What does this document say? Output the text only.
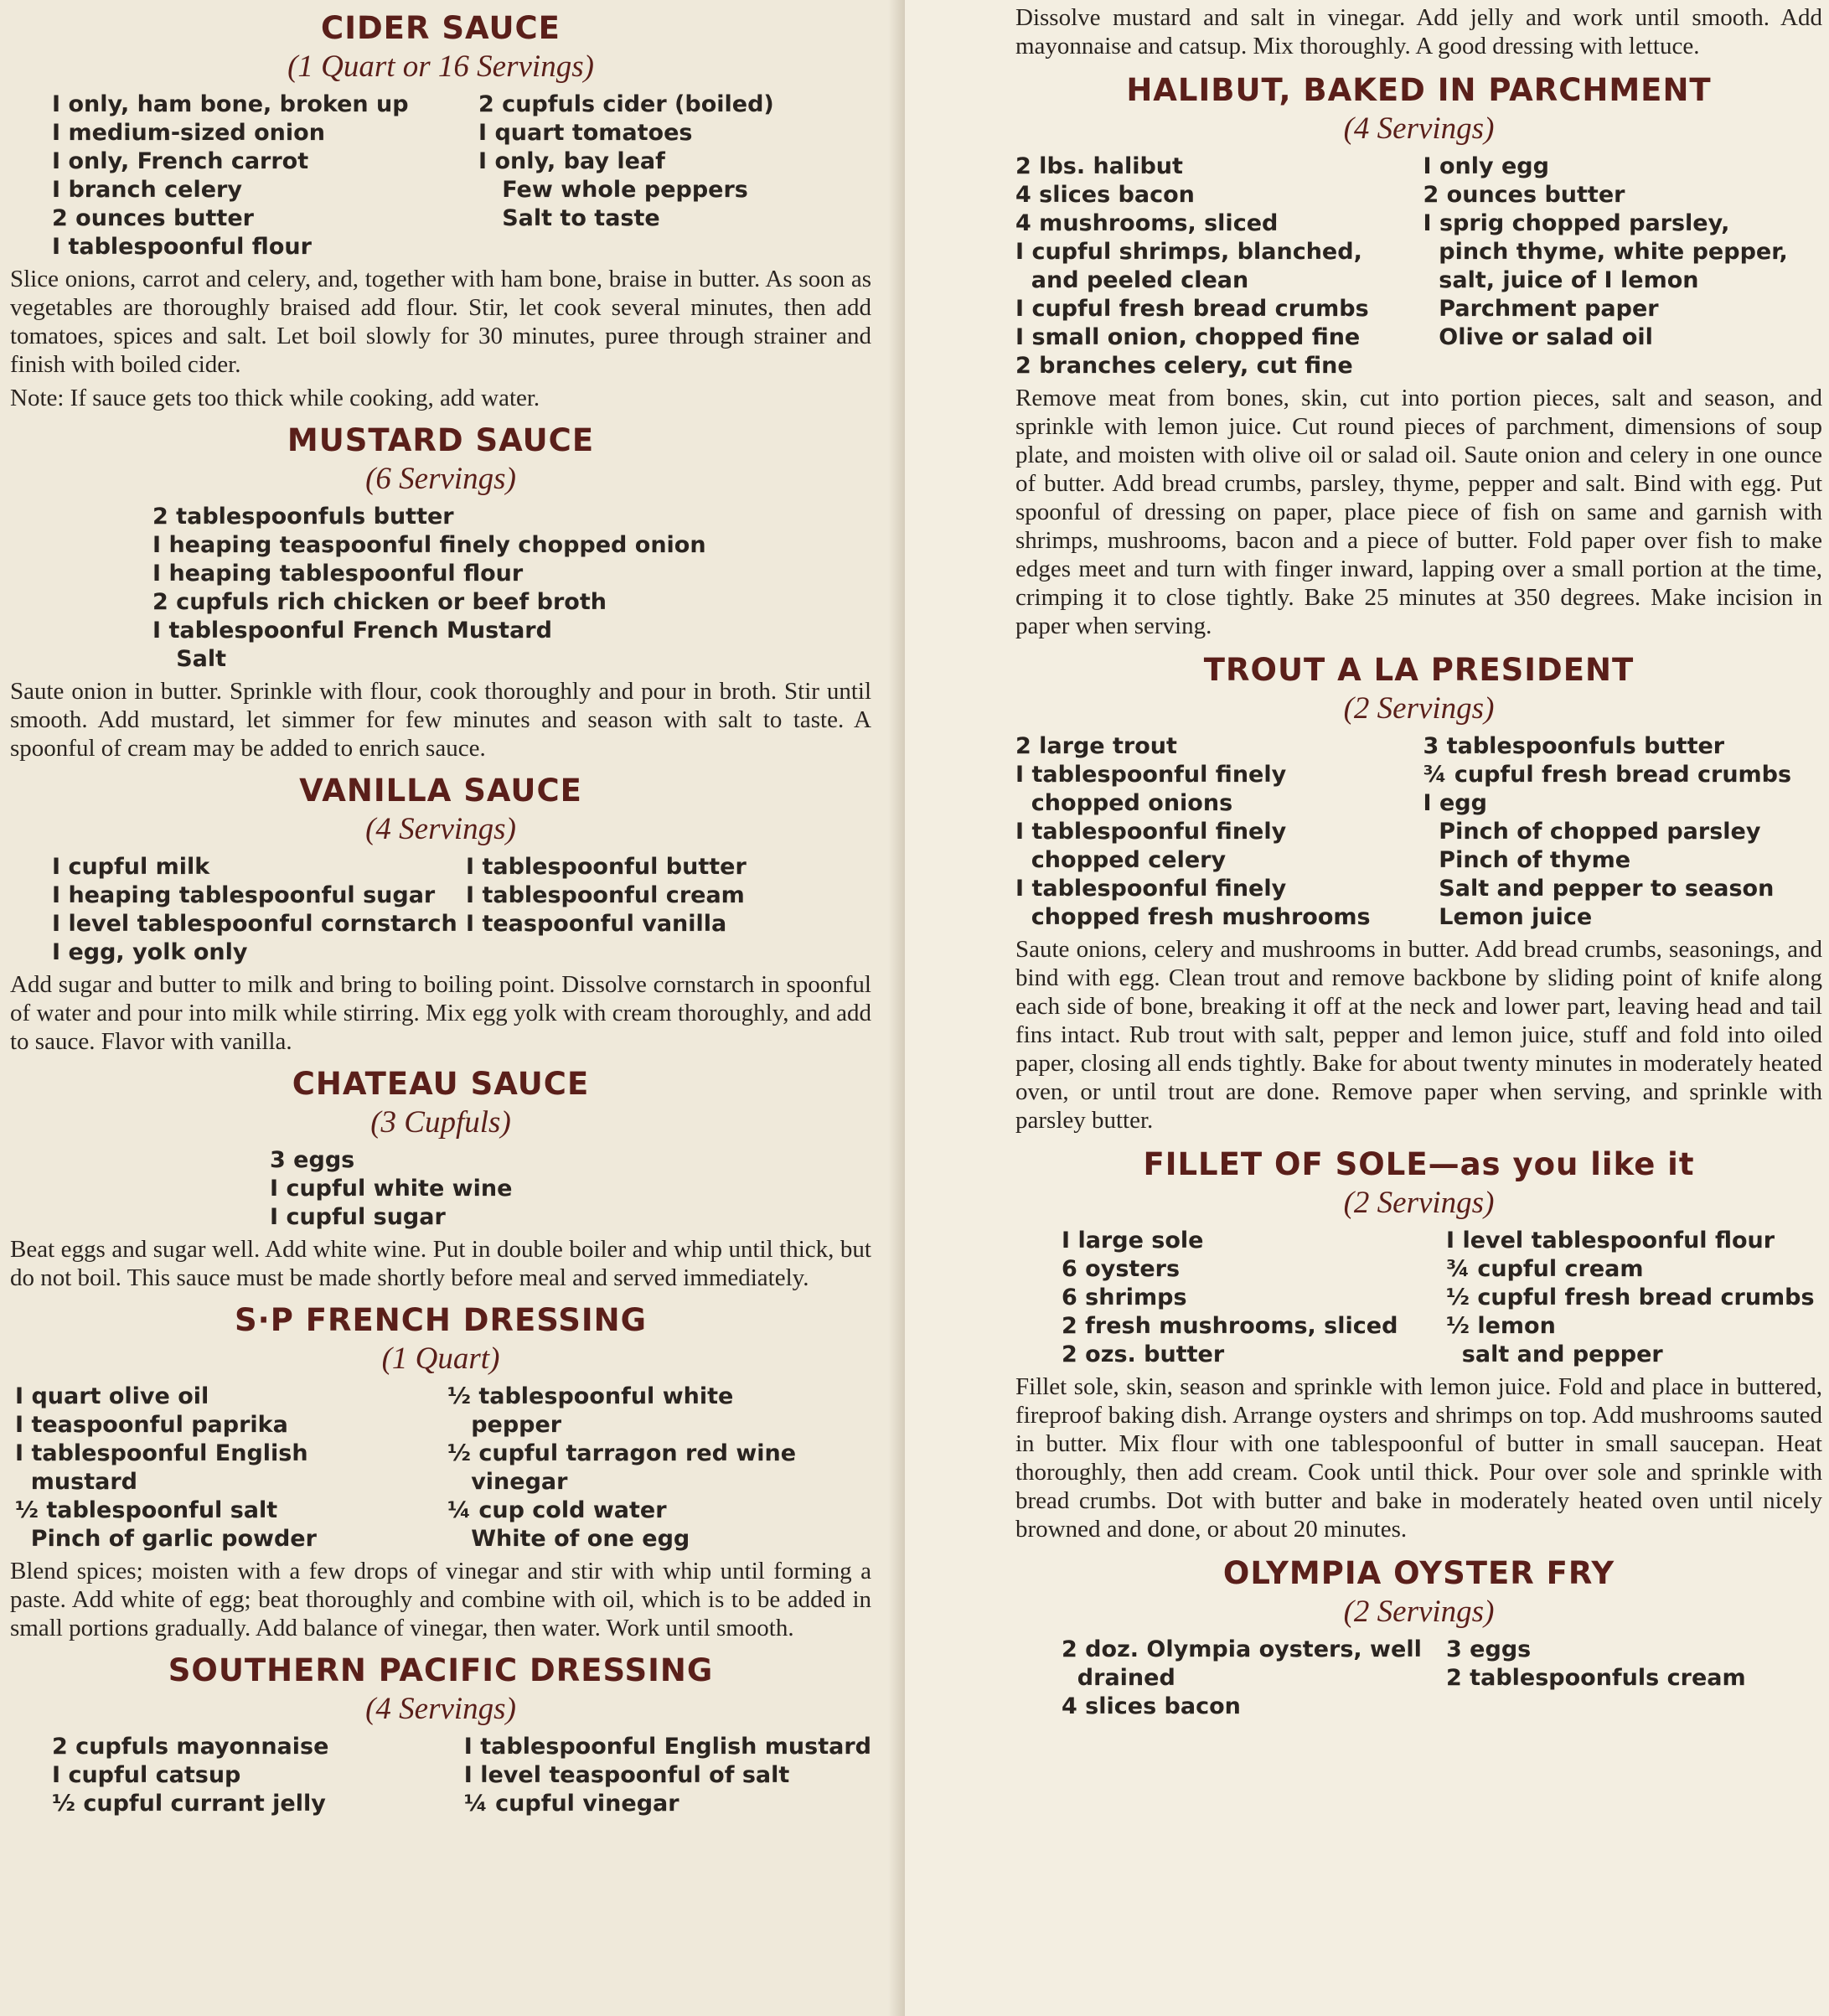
CIDER SAUCE
(1 Quart or 16 Servings)
I only, ham bone, broken up
I medium-sized onion
I only, French carrot
I branch celery
2 ounces butter
I tablespoonful flour
2 cupfuls cider (boiled)
I quart tomatoes
I only, bay leaf
Few whole peppers
Salt to taste

Slice onions, carrot and celery, and, together with ham bone, braise in butter. As soon as vegetables are thoroughly braised add flour. Stir, let cook several minutes, then add tomatoes, spices and salt. Let boil slowly for 30 minutes, puree through strainer and finish with boiled cider.

Note: If sauce gets too thick while cooking, add water.

MUSTARD SAUCE
(6 Servings)
2 tablespoonfuls butter
I heaping teaspoonful finely chopped onion
I heaping tablespoonful flour
2 cupfuls rich chicken or beef broth
I tablespoonful French Mustard
Salt

Saute onion in butter. Sprinkle with flour, cook thoroughly and pour in broth. Stir until smooth. Add mustard, let simmer for few minutes and season with salt to taste. A spoonful of cream may be added to enrich sauce.

VANILLA SAUCE
(4 Servings)
I cupful milk
I heaping tablespoonful sugar
I level tablespoonful cornstarch
I egg, yolk only
I tablespoonful butter
I tablespoonful cream
I teaspoonful vanilla

Add sugar and butter to milk and bring to boiling point. Dissolve cornstarch in spoonful of water and pour into milk while stirring. Mix egg yolk with cream thoroughly, and add to sauce. Flavor with vanilla.

CHATEAU SAUCE
(3 Cupfuls)
3 eggs
I cupful white wine
I cupful sugar

Beat eggs and sugar well. Add white wine. Put in double boiler and whip until thick, but do not boil. This sauce must be made shortly before meal and served immediately.

S·P FRENCH DRESSING
(1 Quart)
I quart olive oil
I teaspoonful paprika
I tablespoonful English
mustard
½ tablespoonful salt
Pinch of garlic powder
½ tablespoonful white
pepper
½ cupful tarragon red wine
vinegar
¼ cup cold water
White of one egg

Blend spices; moisten with a few drops of vinegar and stir with whip until forming a paste. Add white of egg; beat thoroughly and combine with oil, which is to be added in small portions gradually. Add balance of vinegar, then water. Work until smooth.

SOUTHERN PACIFIC DRESSING
(4 Servings)
2 cupfuls mayonnaise
I cupful catsup
½ cupful currant jelly
I tablespoonful English mustard
I level teaspoonful of salt
¼ cupful vinegar

Dissolve mustard and salt in vinegar. Add jelly and work until smooth. Add mayonnaise and catsup. Mix thoroughly. A good dressing with lettuce.

HALIBUT, BAKED IN PARCHMENT
(4 Servings)
2 lbs. halibut
4 slices bacon
4 mushrooms, sliced
I cupful shrimps, blanched,
and peeled clean
I cupful fresh bread crumbs
I small onion, chopped fine
2 branches celery, cut fine
I only egg
2 ounces butter
I sprig chopped parsley,
pinch thyme, white pepper,
salt, juice of I lemon
Parchment paper
Olive or salad oil

Remove meat from bones, skin, cut into portion pieces, salt and season, and sprinkle with lemon juice. Cut round pieces of parchment, dimensions of soup plate, and moisten with olive oil or salad oil. Saute onion and celery in one ounce of butter. Add bread crumbs, parsley, thyme, pepper and salt. Bind with egg. Put spoonful of dressing on paper, place piece of fish on same and garnish with shrimps, mushrooms, bacon and a piece of butter. Fold paper over fish to make edges meet and turn with finger inward, lapping over a small portion at the time, crimping it to close tightly. Bake 25 minutes at 350 degrees. Make incision in paper when serving.

TROUT A LA PRESIDENT
(2 Servings)
2 large trout
I tablespoonful finely
chopped onions
I tablespoonful finely
chopped celery
I tablespoonful finely
chopped fresh mushrooms
3 tablespoonfuls butter
¾ cupful fresh bread crumbs
I egg
Pinch of chopped parsley
Pinch of thyme
Salt and pepper to season
Lemon juice

Saute onions, celery and mushrooms in butter. Add bread crumbs, seasonings, and bind with egg. Clean trout and remove backbone by sliding point of knife along each side of bone, breaking it off at the neck and lower part, leaving head and tail fins intact. Rub trout with salt, pepper and lemon juice, stuff and fold into oiled paper, closing all ends tightly. Bake for about twenty minutes in moderately heated oven, or until trout are done. Remove paper when serving, and sprinkle with parsley butter.

FILLET OF SOLE—as you like it
(2 Servings)
I large sole
6 oysters
6 shrimps
2 fresh mushrooms, sliced
2 ozs. butter
I level tablespoonful flour
¾ cupful cream
½ cupful fresh bread crumbs
½ lemon
salt and pepper

Fillet sole, skin, season and sprinkle with lemon juice. Fold and place in buttered, fireproof baking dish. Arrange oysters and shrimps on top. Add mushrooms sauted in butter. Mix flour with one tablespoonful of butter in small saucepan. Heat thoroughly, then add cream. Cook until thick. Pour over sole and sprinkle with bread crumbs. Dot with butter and bake in moderately heated oven until nicely browned and done, or about 20 minutes.

OLYMPIA OYSTER FRY
(2 Servings)
2 doz. Olympia oysters, well
drained
4 slices bacon
3 eggs
2 tablespoonfuls cream
